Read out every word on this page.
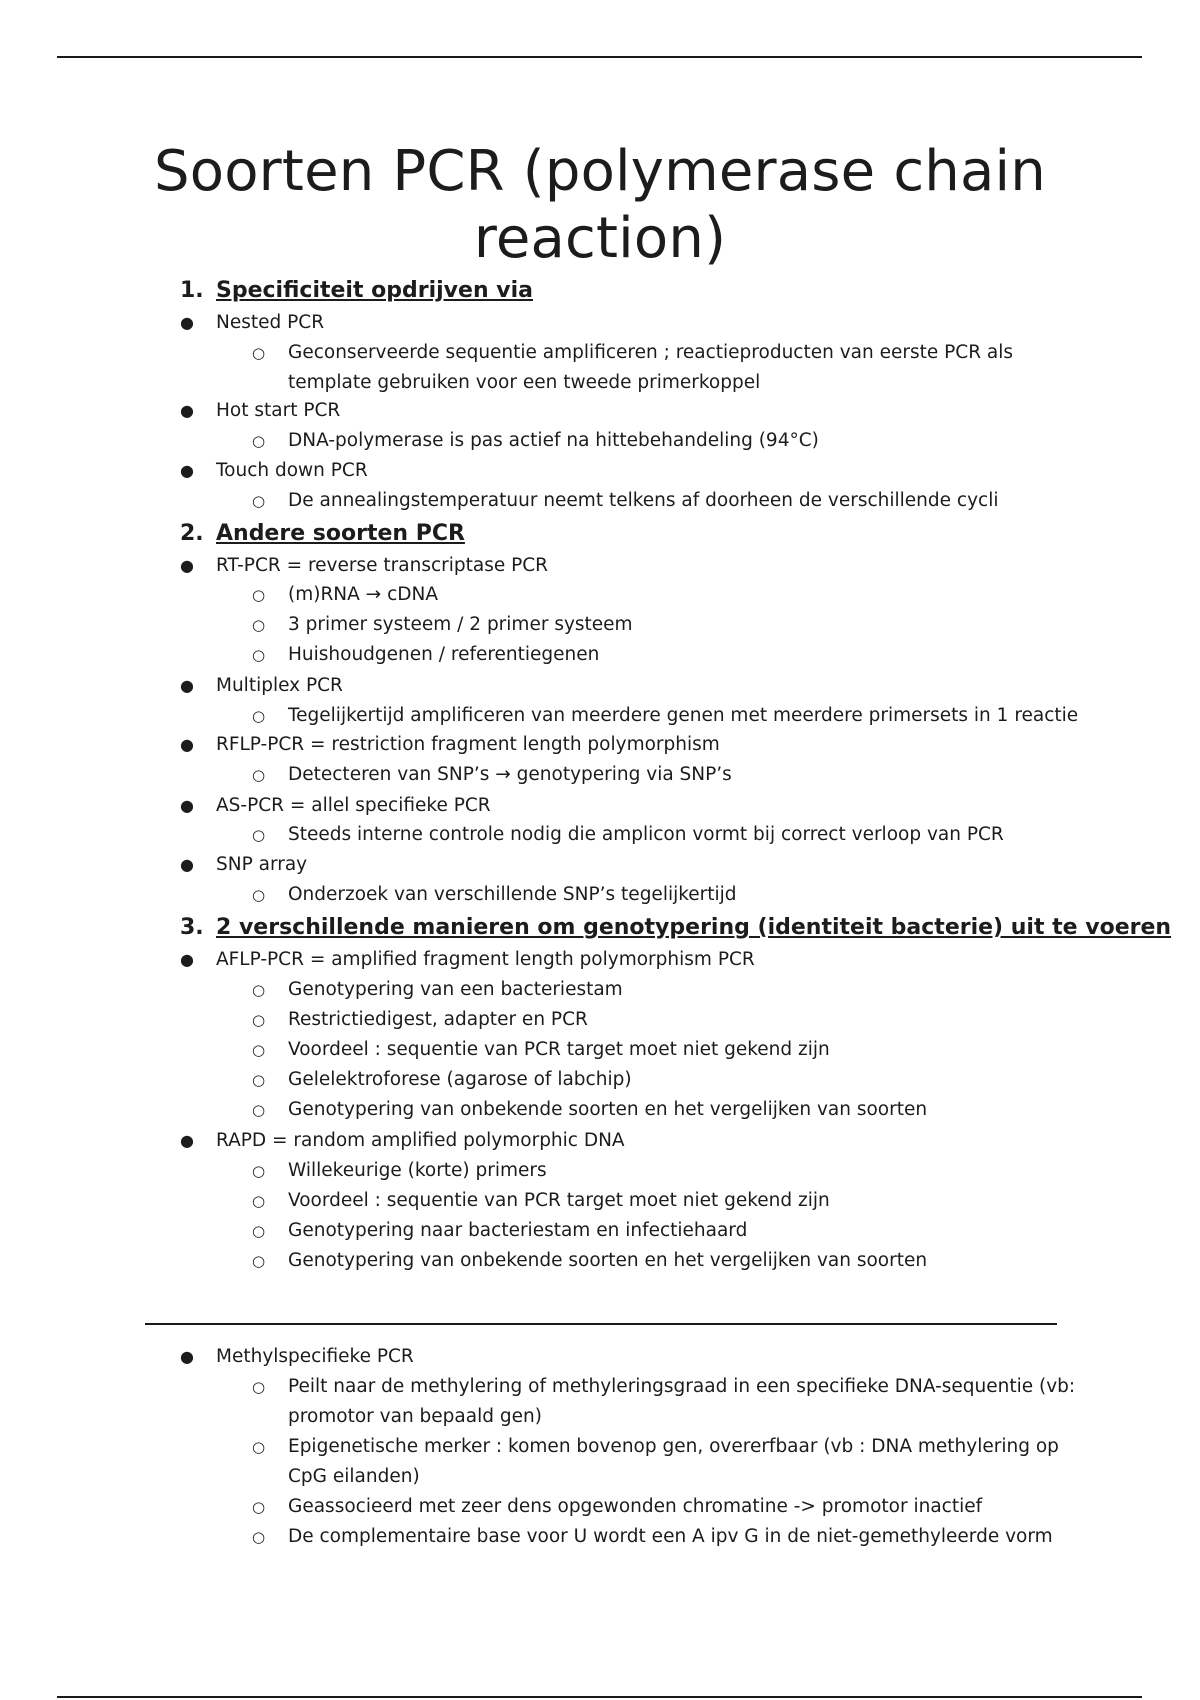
Soorten PCR (polymerase chain reaction)
1. Specificiteit opdrijven via
● Nested PCR
○ Geconserveerde sequentie amplificeren ; reactieproducten van eerste PCR als
template gebruiken voor een tweede primerkoppel
● Hot start PCR
○ DNA-polymerase is pas actief na hittebehandeling (94°C)
● Touch down PCR
○ De annealingstemperatuur neemt telkens af doorheen de verschillende cycli
2. Andere soorten PCR
● RT-PCR = reverse transcriptase PCR
○ (m)RNA → cDNA
○ 3 primer systeem / 2 primer systeem
○ Huishoudgenen / referentiegenen
● Multiplex PCR
○ Tegelijkertijd amplificeren van meerdere genen met meerdere primersets in 1 reactie
● RFLP-PCR = restriction fragment length polymorphism
○ Detecteren van SNP’s → genotypering via SNP’s
● AS-PCR = allel specifieke PCR
○ Steeds interne controle nodig die amplicon vormt bij correct verloop van PCR
● SNP array
○ Onderzoek van verschillende SNP’s tegelijkertijd
3. 2 verschillende manieren om genotypering (identiteit bacterie) uit te voeren
● AFLP-PCR = amplified fragment length polymorphism PCR
○ Genotypering van een bacteriestam
○ Restrictiedigest, adapter en PCR
○ Voordeel : sequentie van PCR target moet niet gekend zijn
○ Gelelektroforese (agarose of labchip)
○ Genotypering van onbekende soorten en het vergelijken van soorten
● RAPD = random amplified polymorphic DNA
○ Willekeurige (korte) primers
○ Voordeel : sequentie van PCR target moet niet gekend zijn
○ Genotypering naar bacteriestam en infectiehaard
○ Genotypering van onbekende soorten en het vergelijken van soorten
● Methylspecifieke PCR
○ Peilt naar de methylering of methyleringsgraad in een specifieke DNA-sequentie (vb:
promotor van bepaald gen)
○ Epigenetische merker : komen bovenop gen, overerfbaar (vb : DNA methylering op
CpG eilanden)
○ Geassocieerd met zeer dens opgewonden chromatine -> promotor inactief
○ De complementaire base voor U wordt een A ipv G in de niet-gemethyleerde vorm
